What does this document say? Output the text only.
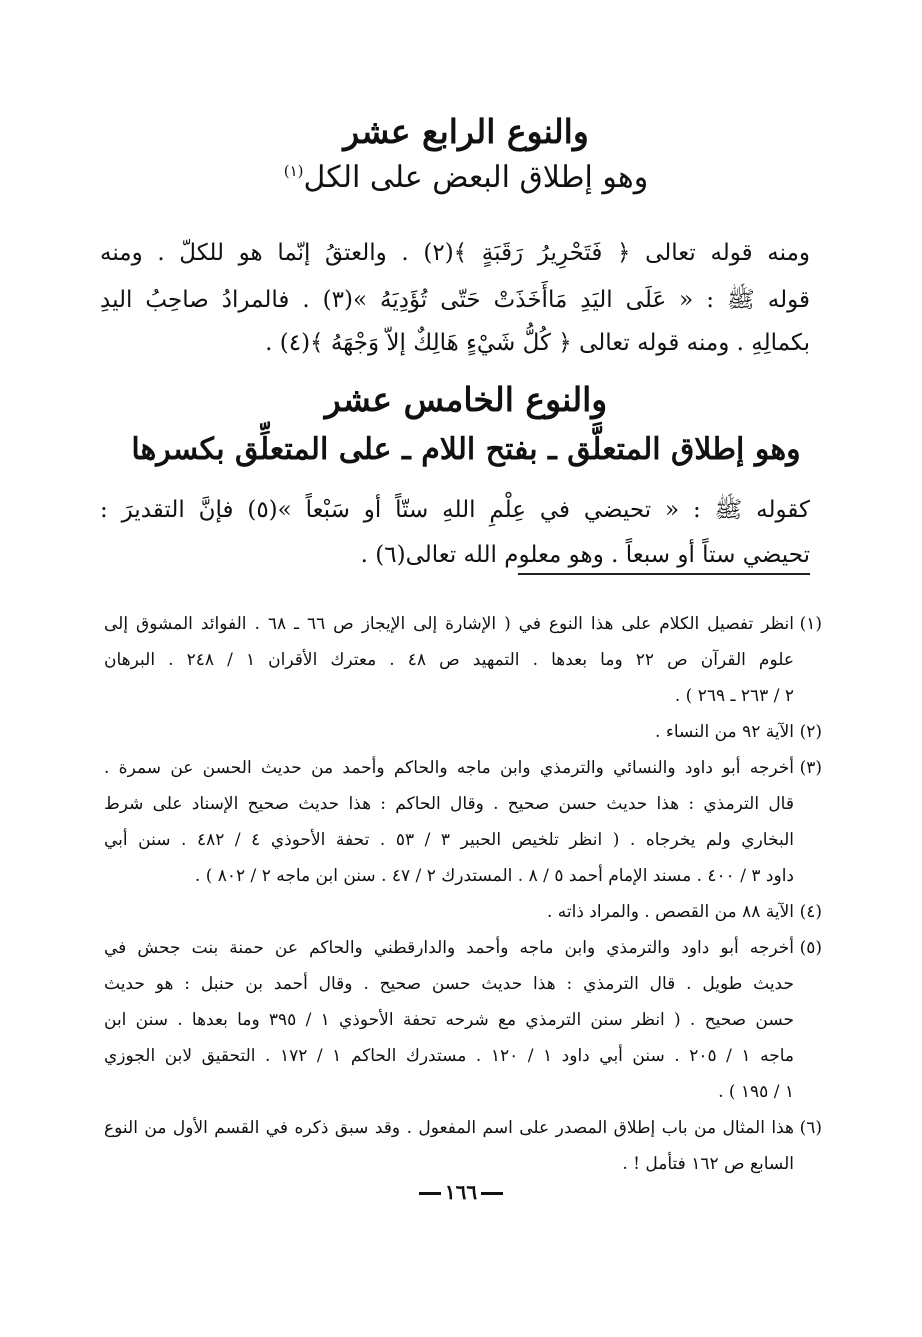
والنوع الرابع عشر
وهو إطلاق البعض على الكل$^{(١)}$
ومنه قوله تعالى ﴿ فَتَحْرِيرُ رَقَبَةٍ ﴾(٢) . والعتقُ إنّما هو للكلّ . ومنه
قوله ﷺ : « عَلَى اليَدِ مَاأَخَذَتْ حَتّى تُؤَدِيَهُ »(٣) . فالمرادُ صاحِبُ اليدِ
بكمالِهِ . ومنه قوله تعالى ﴿ كُلُّ شَيْءٍ هَالِكٌ إلاّ وَجْهَهُ ﴾(٤) .
والنوع الخامس عشر
وهو إطلاق المتعلَّق ـ بفتح اللام ـ على المتعلِّق بكسرها
كقوله ﷺ : « تحيضي في عِلْمِ اللهِ ستّاً أو سَبْعاً »(٥) فإنَّ التقديرَ :
تحيضي ستاً أو سبعاً . وهو معلوم الله تعالى(٦) .
(١)انظر تفصيل الكلام على هذا النوع في ( الإشارة إلى الإيجاز ص ٦٦ ـ ٦٨ . الفوائد المشوق إلى
علوم القرآن ص ٢٢ وما بعدها . التمهيد ص ٤٨ . معترك الأقران ١ / ٢٤٨ . البرهان
٢ / ٢٦٣ ـ ٢٦٩ ) .
(٢)الآية ٩٢ من النساء .
(٣)أخرجه أبو داود والنسائي والترمذي وابن ماجه والحاكم وأحمد من حديث الحسن عن سمرة .
قال الترمذي : هذا حديث حسن صحيح . وقال الحاكم : هذا حديث صحيح الإسناد على شرط
البخاري ولم يخرجاه . ( انظر تلخيص الحبير ٣ / ٥٣ . تحفة الأحوذي ٤ / ٤٨٢ . سنن أبي
داود ٣ / ٤٠٠ . مسند الإمام أحمد ٥ / ٨ . المستدرك ٢ / ٤٧ . سنن ابن ماجه ٢ / ٨٠٢ ) .
(٤)الآية ٨٨ من القصص . والمراد ذاته .
(٥)أخرجه أبو داود والترمذي وابن ماجه وأحمد والدارقطني والحاكم عن حمنة بنت جحش في
حديث طويل . قال الترمذي : هذا حديث حسن صحيح . وقال أحمد بن حنبل : هو حديث
حسن صحيح . ( انظر سنن الترمذي مع شرحه تحفة الأحوذي ١ / ٣٩٥ وما بعدها . سنن ابن
ماجه ١ / ٢٠٥ . سنن أبي داود ١ / ١٢٠ . مستدرك الحاكم ١ / ١٧٢ . التحقيق لابن الجوزي
١ / ١٩٥ ) .
(٦)هذا المثال من باب إطلاق المصدر على اسم المفعول . وقد سبق ذكره في القسم الأول من النوع
السابع ص ١٦٢ فتأمل ! .
١٦٦
